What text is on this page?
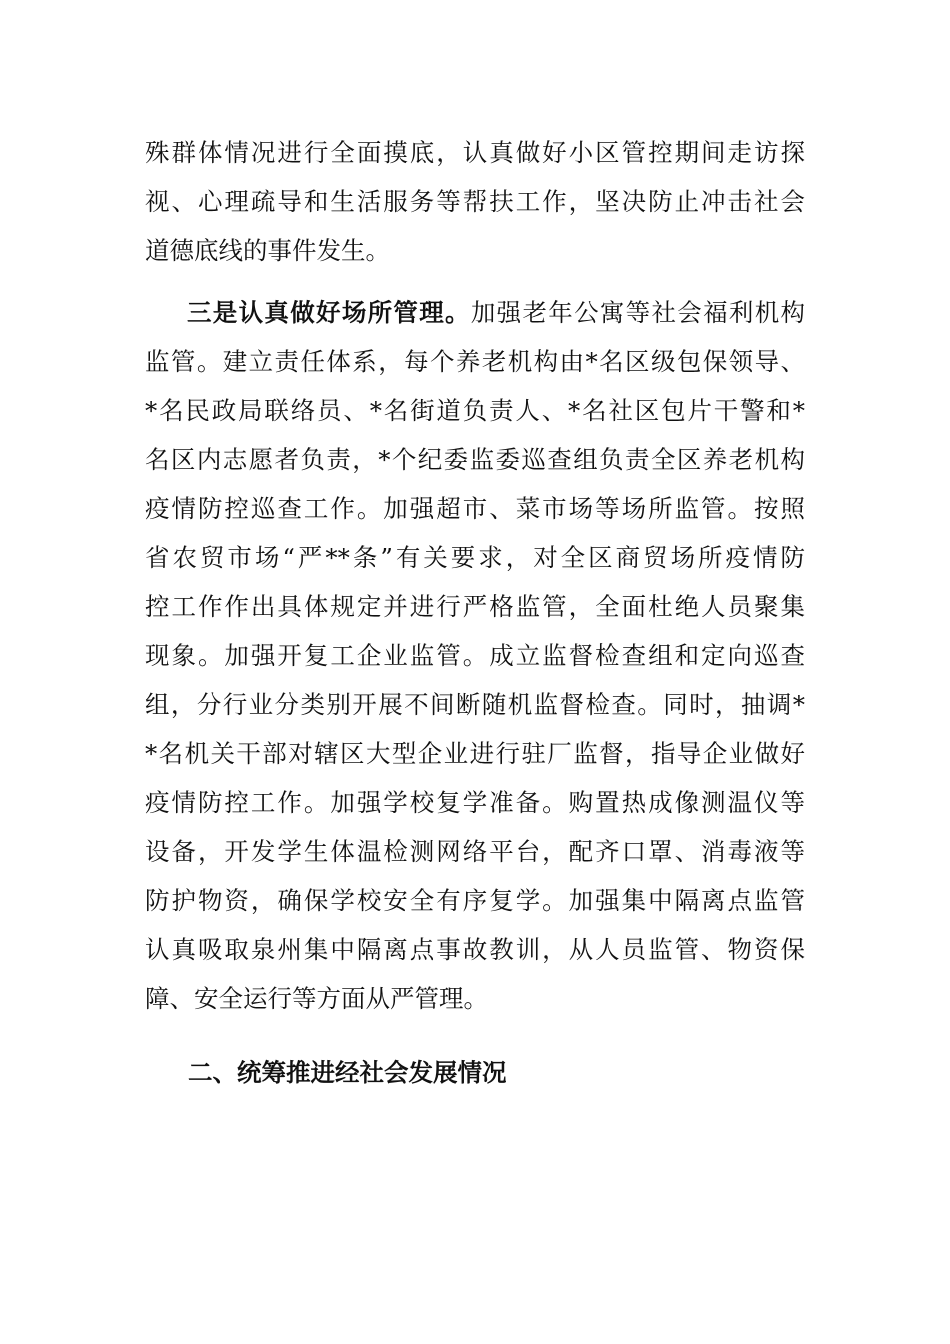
殊群体情况进行全面摸底，认真做好小区管控期间走访探
视、心理疏导和生活服务等帮扶工作，坚决防止冲击社会
道德底线的事件发生。
三是认真做好场所管理。加强老年公寓等社会福利机构
监管。建立责任体系，每个养老机构由*名区级包保领导、
*名民政局联络员、*名街道负责人、*名社区包片干警和*
名区内志愿者负责，*个纪委监委巡查组负责全区养老机构
疫情防控巡查工作。加强超市、菜市场等场所监管。按照
省农贸市场“严**条”有关要求，对全区商贸场所疫情防
控工作作出具体规定并进行严格监管，全面杜绝人员聚集
现象。加强开复工企业监管。成立监督检查组和定向巡查
组，分行业分类别开展不间断随机监督检查。同时，抽调*
*名机关干部对辖区大型企业进行驻厂监督，指导企业做好
疫情防控工作。加强学校复学准备。购置热成像测温仪等
设备，开发学生体温检测网络平台，配齐口罩、消毒液等
防护物资，确保学校安全有序复学。加强集中隔离点监管
认真吸取泉州集中隔离点事故教训，从人员监管、物资保
障、安全运行等方面从严管理。
二、统筹推进经社会发展情况
